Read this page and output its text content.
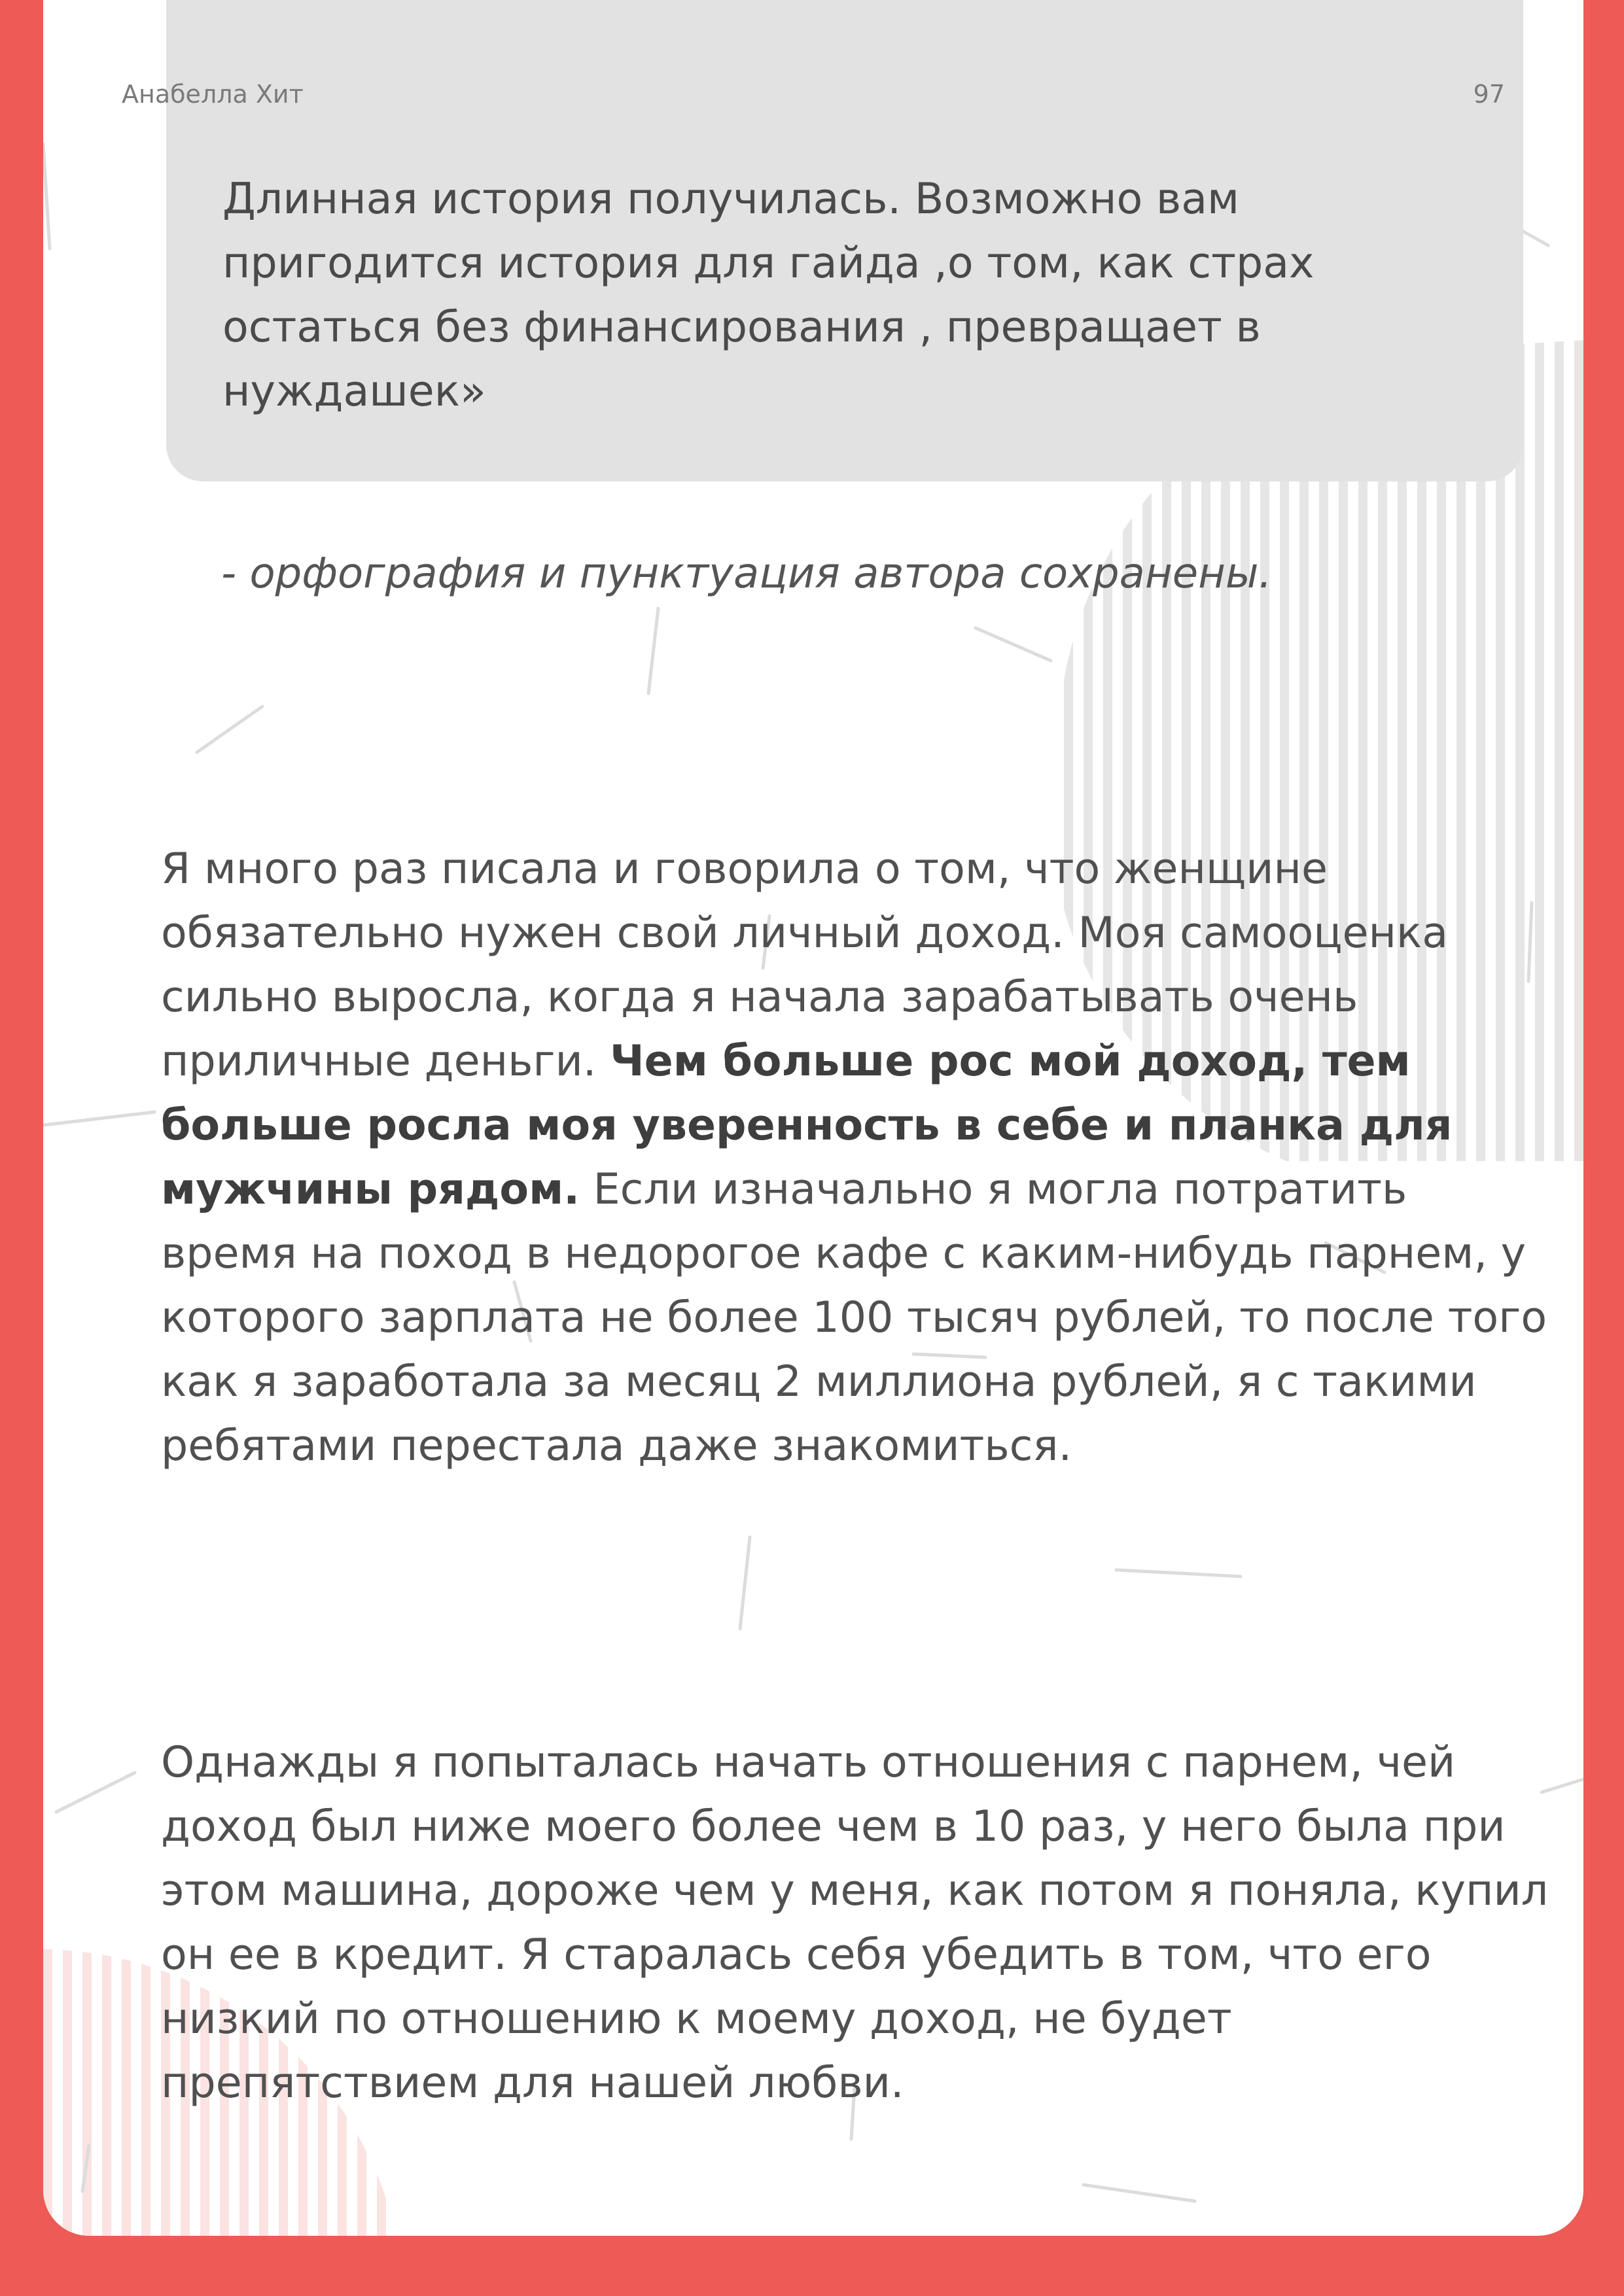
Длинная история получилась. Возможно вам пригодится история для гайда ,о том, как страх остаться без финансирования , превращает в нуждашек»

Анабелла Хит	97

- орфография и пунктуация автора сохранены.

Я много раз писала и говорила о том, что женщине обязательно нужен свой личный доход. Моя самооценка сильно выросла, когда я начала зарабатывать очень приличные деньги. Чем больше рос мой доход, тем больше росла моя уверенность в себе и планка для мужчины рядом. Если изначально я могла потратить время на поход в недорогое кафе с каким-нибудь парнем, у которого зарплата не более 100 тысяч рублей, то после того как я заработала за месяц 2 миллиона рублей, я с такими ребятами перестала даже знакомиться.

Однажды я попыталась начать отношения с парнем, чей доход был ниже моего более чем в 10 раз, у него была при этом машина, дороже чем у меня, как потом я поняла, купил он ее в кредит. Я старалась себя убедить в том, что его низкий по отношению к моему доход, не будет препятствием для нашей любви.
